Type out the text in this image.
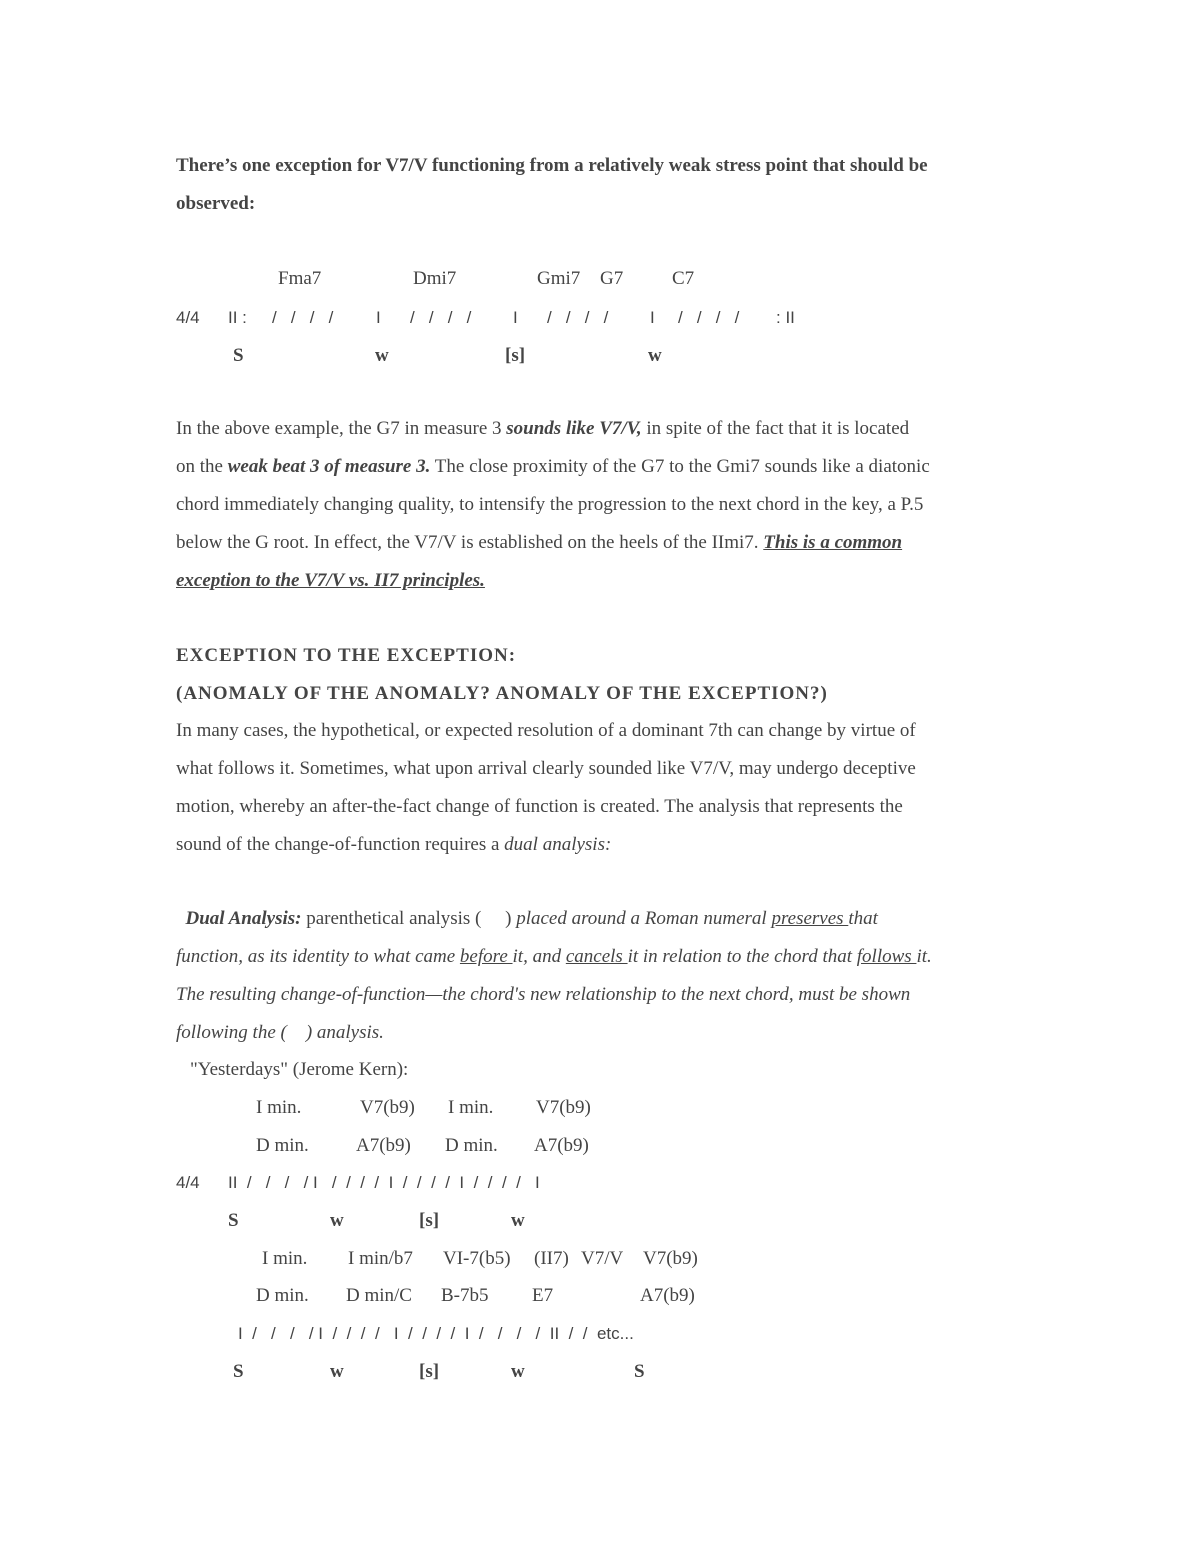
There’s one exception for V7/V functioning from a relatively weak stress point that should be
observed:
Fma7	Dmi7	Gmi7 G7	C7
4/4 II : /   /   /   /	I /   /   /   / I /   /   /   / I /   /   /   / : II
S	w	[s]	w
In the above example, the G7 in measure 3 sounds like V7/V, in spite of the fact that it is located
on the weak beat 3 of measure 3. The close proximity of the G7 to the Gmi7 sounds like a diatonic
chord immediately changing quality, to intensify the progression to the next chord in the key, a P.5
below the G root. In effect, the V7/V is established on the heels of the IImi7. This is a common
exception to the V7/V vs. II7 principles.
EXCEPTION TO THE EXCEPTION:
(ANOMALY OF THE ANOMALY? ANOMALY OF THE EXCEPTION?)
In many cases, the hypothetical, or expected resolution of a dominant 7th can change by virtue of
what follows it. Sometimes, what upon arrival clearly sounded like V7/V, may undergo deceptive
motion, whereby an after-the-fact change of function is created. The analysis that represents the
sound of the change-of-function requires a dual analysis:
Dual Analysis: parenthetical analysis (     ) placed around a Roman numeral preserves that
function, as its identity to what came before it, and cancels it in relation to the chord that follows it.
The resulting change-of-function—the chord's new relationship to the next chord, must be shown
following the (    ) analysis.
"Yesterdays" (Jerome Kern):
I min.	V7(b9) I min. V7(b9)
D min. A7(b9) D min. A7(b9)
4/4 II  /   /   /   / I   /  /  /  /  I  /  /  /  /  I  /  /  /  /   I
S	w	[s]	w
I min. I min/b7 VI-7(b5) (II7) V7/V V7(b9)
D min. D min/C B-7b5 E7	A7(b9)
I  /   /   /   / I  /  /  /  /   I  /  /  /  /  I  /   /   /   /  II  /  /  etc...
S	w	[s]	w	S
